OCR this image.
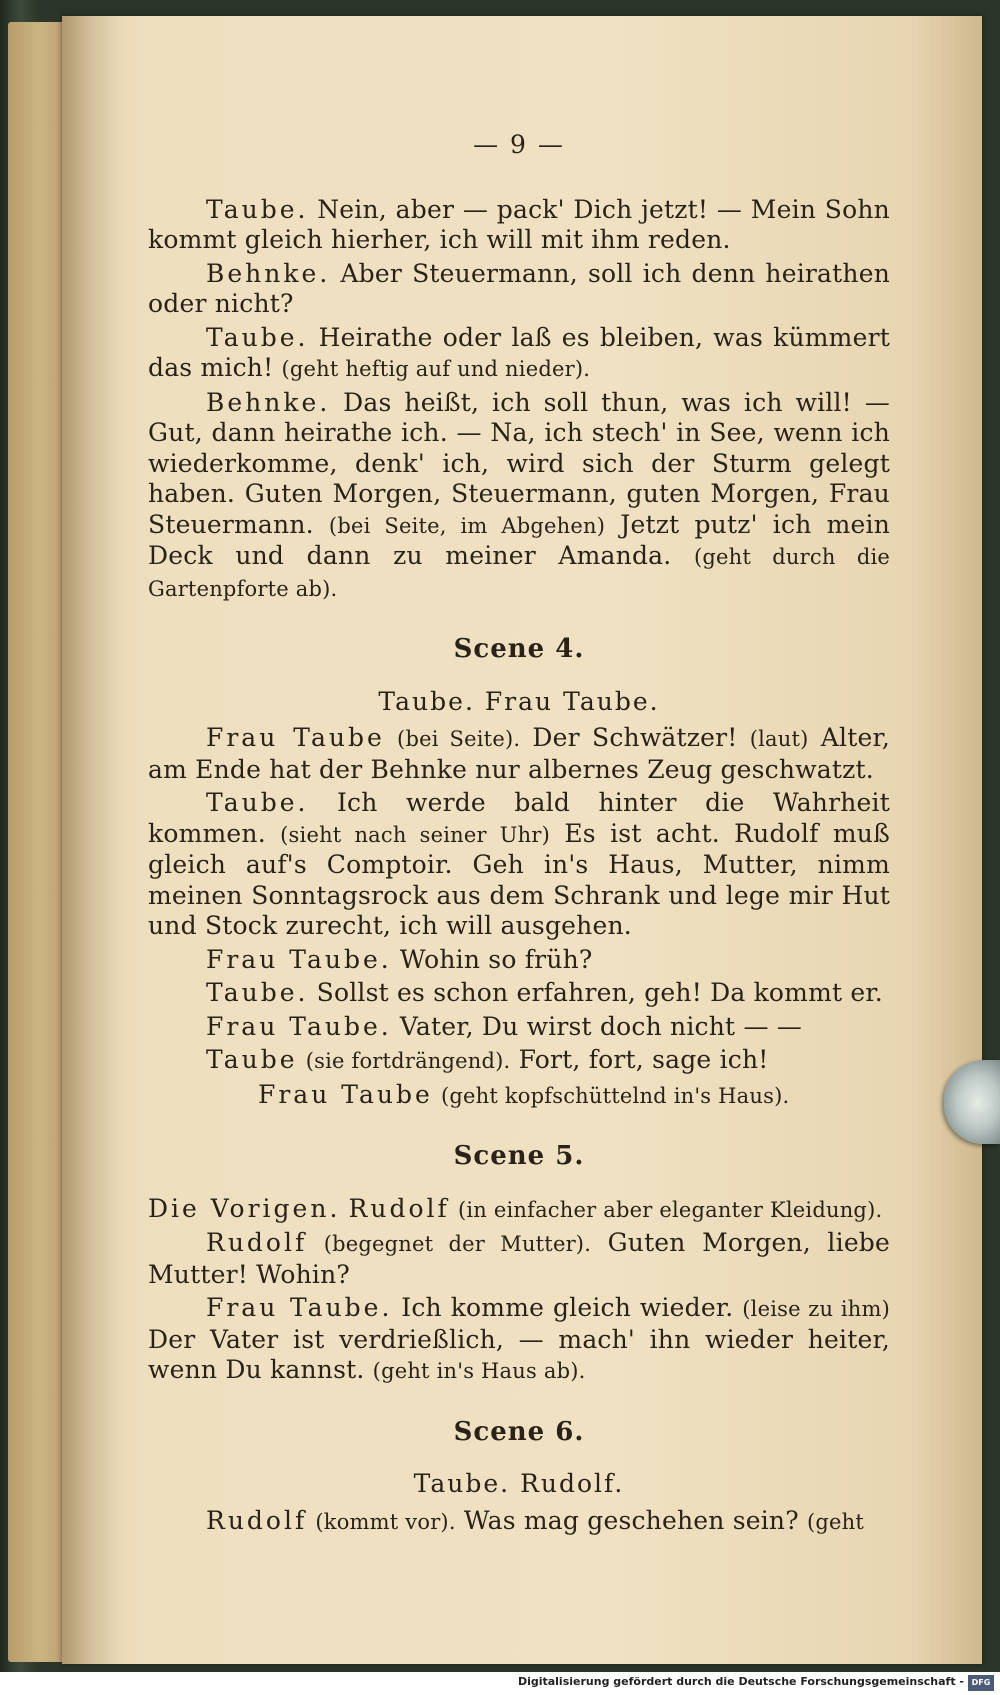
— 9 —

Taube. Nein, aber — pack' Dich jetzt! — Mein Sohn kommt gleich hierher, ich will mit ihm reden.

Behnke. Aber Steuermann, soll ich denn heirathen oder nicht?

Taube. Heirathe oder laß es bleiben, was kümmert das mich! (geht heftig auf und nieder).

Behnke. Das heißt, ich soll thun, was ich will! — Gut, dann heirathe ich. — Na, ich stech' in See, wenn ich wiederkomme, denk' ich, wird sich der Sturm gelegt haben. Guten Morgen, Steuermann, guten Morgen, Frau Steuermann. (bei Seite, im Abgehen) Jetzt putz' ich mein Deck und dann zu meiner Amanda. (geht durch die Gartenpforte ab).

Scene 4.
Taube. Frau Taube.

Frau Taube (bei Seite). Der Schwätzer! (laut) Alter, am Ende hat der Behnke nur albernes Zeug geschwatzt.

Taube. Ich werde bald hinter die Wahrheit kommen. (sieht nach seiner Uhr) Es ist acht. Rudolf muß gleich auf's Comptoir. Geh in's Haus, Mutter, nimm meinen Sonntagsrock aus dem Schrank und lege mir Hut und Stock zurecht, ich will ausgehen.

Frau Taube. Wohin so früh?

Taube. Sollst es schon erfahren, geh! Da kommt er.

Frau Taube. Vater, Du wirst doch nicht — —

Taube (sie fortdrängend). Fort, fort, sage ich!

Frau Taube (geht kopfschüttelnd in's Haus).

Scene 5.

Die Vorigen. Rudolf (in einfacher aber eleganter Kleidung).

Rudolf (begegnet der Mutter). Guten Morgen, liebe Mutter! Wohin?

Frau Taube. Ich komme gleich wieder. (leise zu ihm) Der Vater ist verdrießlich, — mach' ihn wieder heiter, wenn Du kannst. (geht in's Haus ab).

Scene 6.
Taube. Rudolf.

Rudolf (kommt vor). Was mag geschehen sein? (geht

Digitalisierung gefördert durch die Deutsche Forschungsgemeinschaft - DFG
